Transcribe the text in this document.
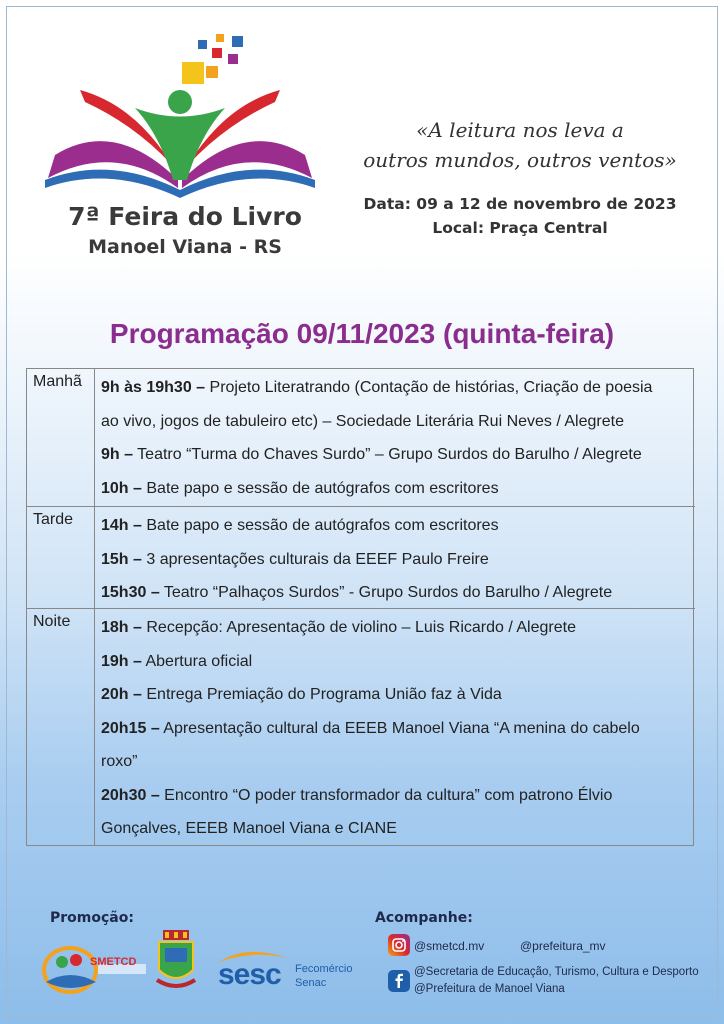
7ª Feira do Livro
Manoel Viana - RS
«A leitura nos leva a
outros mundos, outros ventos»
Data: 09 a 12 de novembro de 2023
Local: Praça Central
Programação 09/11/2023 (quinta-feira)
Manhã	9h às 19h30 – Projeto Literatrando (Contação de histórias, Criação de poesia
ao vivo, jogos de tabuleiro etc) – Sociedade Literária Rui Neves / Alegrete
9h – Teatro “Turma do Chaves Surdo” – Grupo Surdos do Barulho / Alegrete
10h – Bate papo e sessão de autógrafos com escritores
Tarde	14h – Bate papo e sessão de autógrafos com escritores
15h – 3 apresentações culturais da EEEF Paulo Freire
15h30 – Teatro “Palhaços Surdos” - Grupo Surdos do Barulho / Alegrete
Noite	18h – Recepção: Apresentação de violino – Luis Ricardo / Alegrete
19h – Abertura oficial
20h – Entrega Premiação do Programa União faz à Vida
20h15 – Apresentação cultural da EEEB Manoel Viana “A menina do cabelo
roxo”
20h30 – Encontro “O poder transformador da cultura” com patrono Élvio
Gonçalves, EEEB Manoel Viana e CIANE
Promoção:	Acompanhe:
SMETCD	sesc Fecomércio
Senac
@smetcd.mv	@prefeitura_mv
@Secretaria de Educação, Turismo, Cultura e Desporto
@Prefeitura de Manoel Viana
